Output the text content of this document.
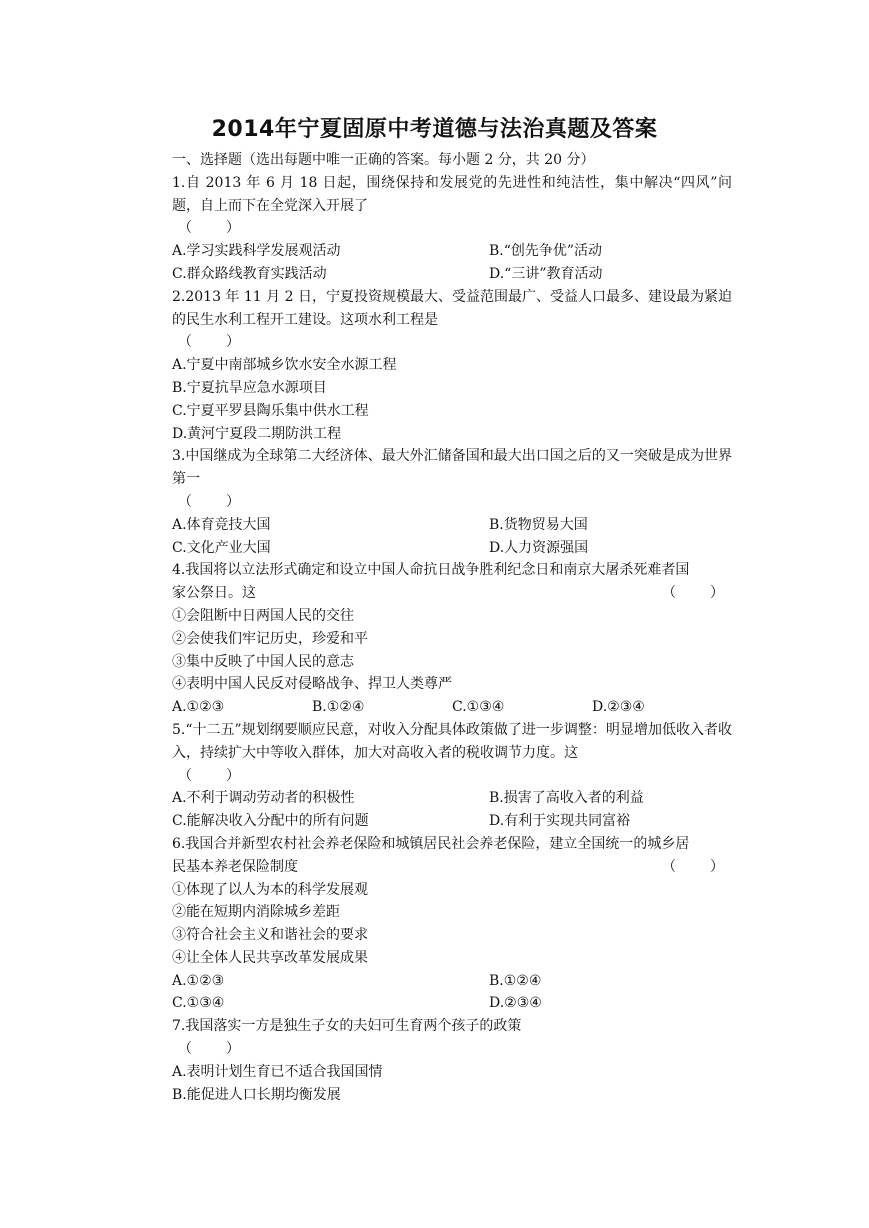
2014年宁夏固原中考道德与法治真题及答案
一、选择题（选出每题中唯一正确的答案。每小题 2 分，共 20 分）
1.自 2013 年 6 月 18 日起，围绕保持和发展党的先进性和纯洁性，集中解决“四风”问题，自上而下在全党深入开展了
（　　）
A.学习实践科学发展观活动	B.“创先争优”活动
C.群众路线教育实践活动	D.“三讲”教育活动
2.2013 年 11 月 2 日，宁夏投资规模最大、受益范围最广、受益人口最多、建设最为紧迫的民生水利工程开工建设。这项水利工程是
（　　）
A.宁夏中南部城乡饮水安全水源工程
B.宁夏抗旱应急水源项目
C.宁夏平罗县陶乐集中供水工程
D.黄河宁夏段二期防洪工程
3.中国继成为全球第二大经济体、最大外汇储备国和最大出口国之后的又一突破是成为世界第一
（　　）
A.体育竞技大国	B.货物贸易大国
C.文化产业大国	D.人力资源强国
4.我国将以立法形式确定和设立中国人命抗日战争胜利纪念日和南京大屠杀死难者国
家公祭日。这	（　　）
①会阻断中日两国人民的交往
②会使我们牢记历史，珍爱和平
③集中反映了中国人民的意志
④表明中国人民反对侵略战争、捍卫人类尊严
A.①②③	B.①②④	C.①③④	D.②③④
5.“十二五”规划纲要顺应民意，对收入分配具体政策做了进一步调整：明显增加低收入者收入，持续扩大中等收入群体，加大对高收入者的税收调节力度。这
（　　）
A.不利于调动劳动者的积极性	B.损害了高收入者的利益
C.能解决收入分配中的所有问题	D.有利于实现共同富裕
6.我国合并新型农村社会养老保险和城镇居民社会养老保险，建立全国统一的城乡居
民基本养老保险制度	（　　）
①体现了以人为本的科学发展观
②能在短期内消除城乡差距
③符合社会主义和谐社会的要求
④让全体人民共享改革发展成果
A.①②③	B.①②④
C.①③④	D.②③④
7.我国落实一方是独生子女的夫妇可生育两个孩子的政策
（　　）
A.表明计划生育已不适合我国国情
B.能促进人口长期均衡发展
